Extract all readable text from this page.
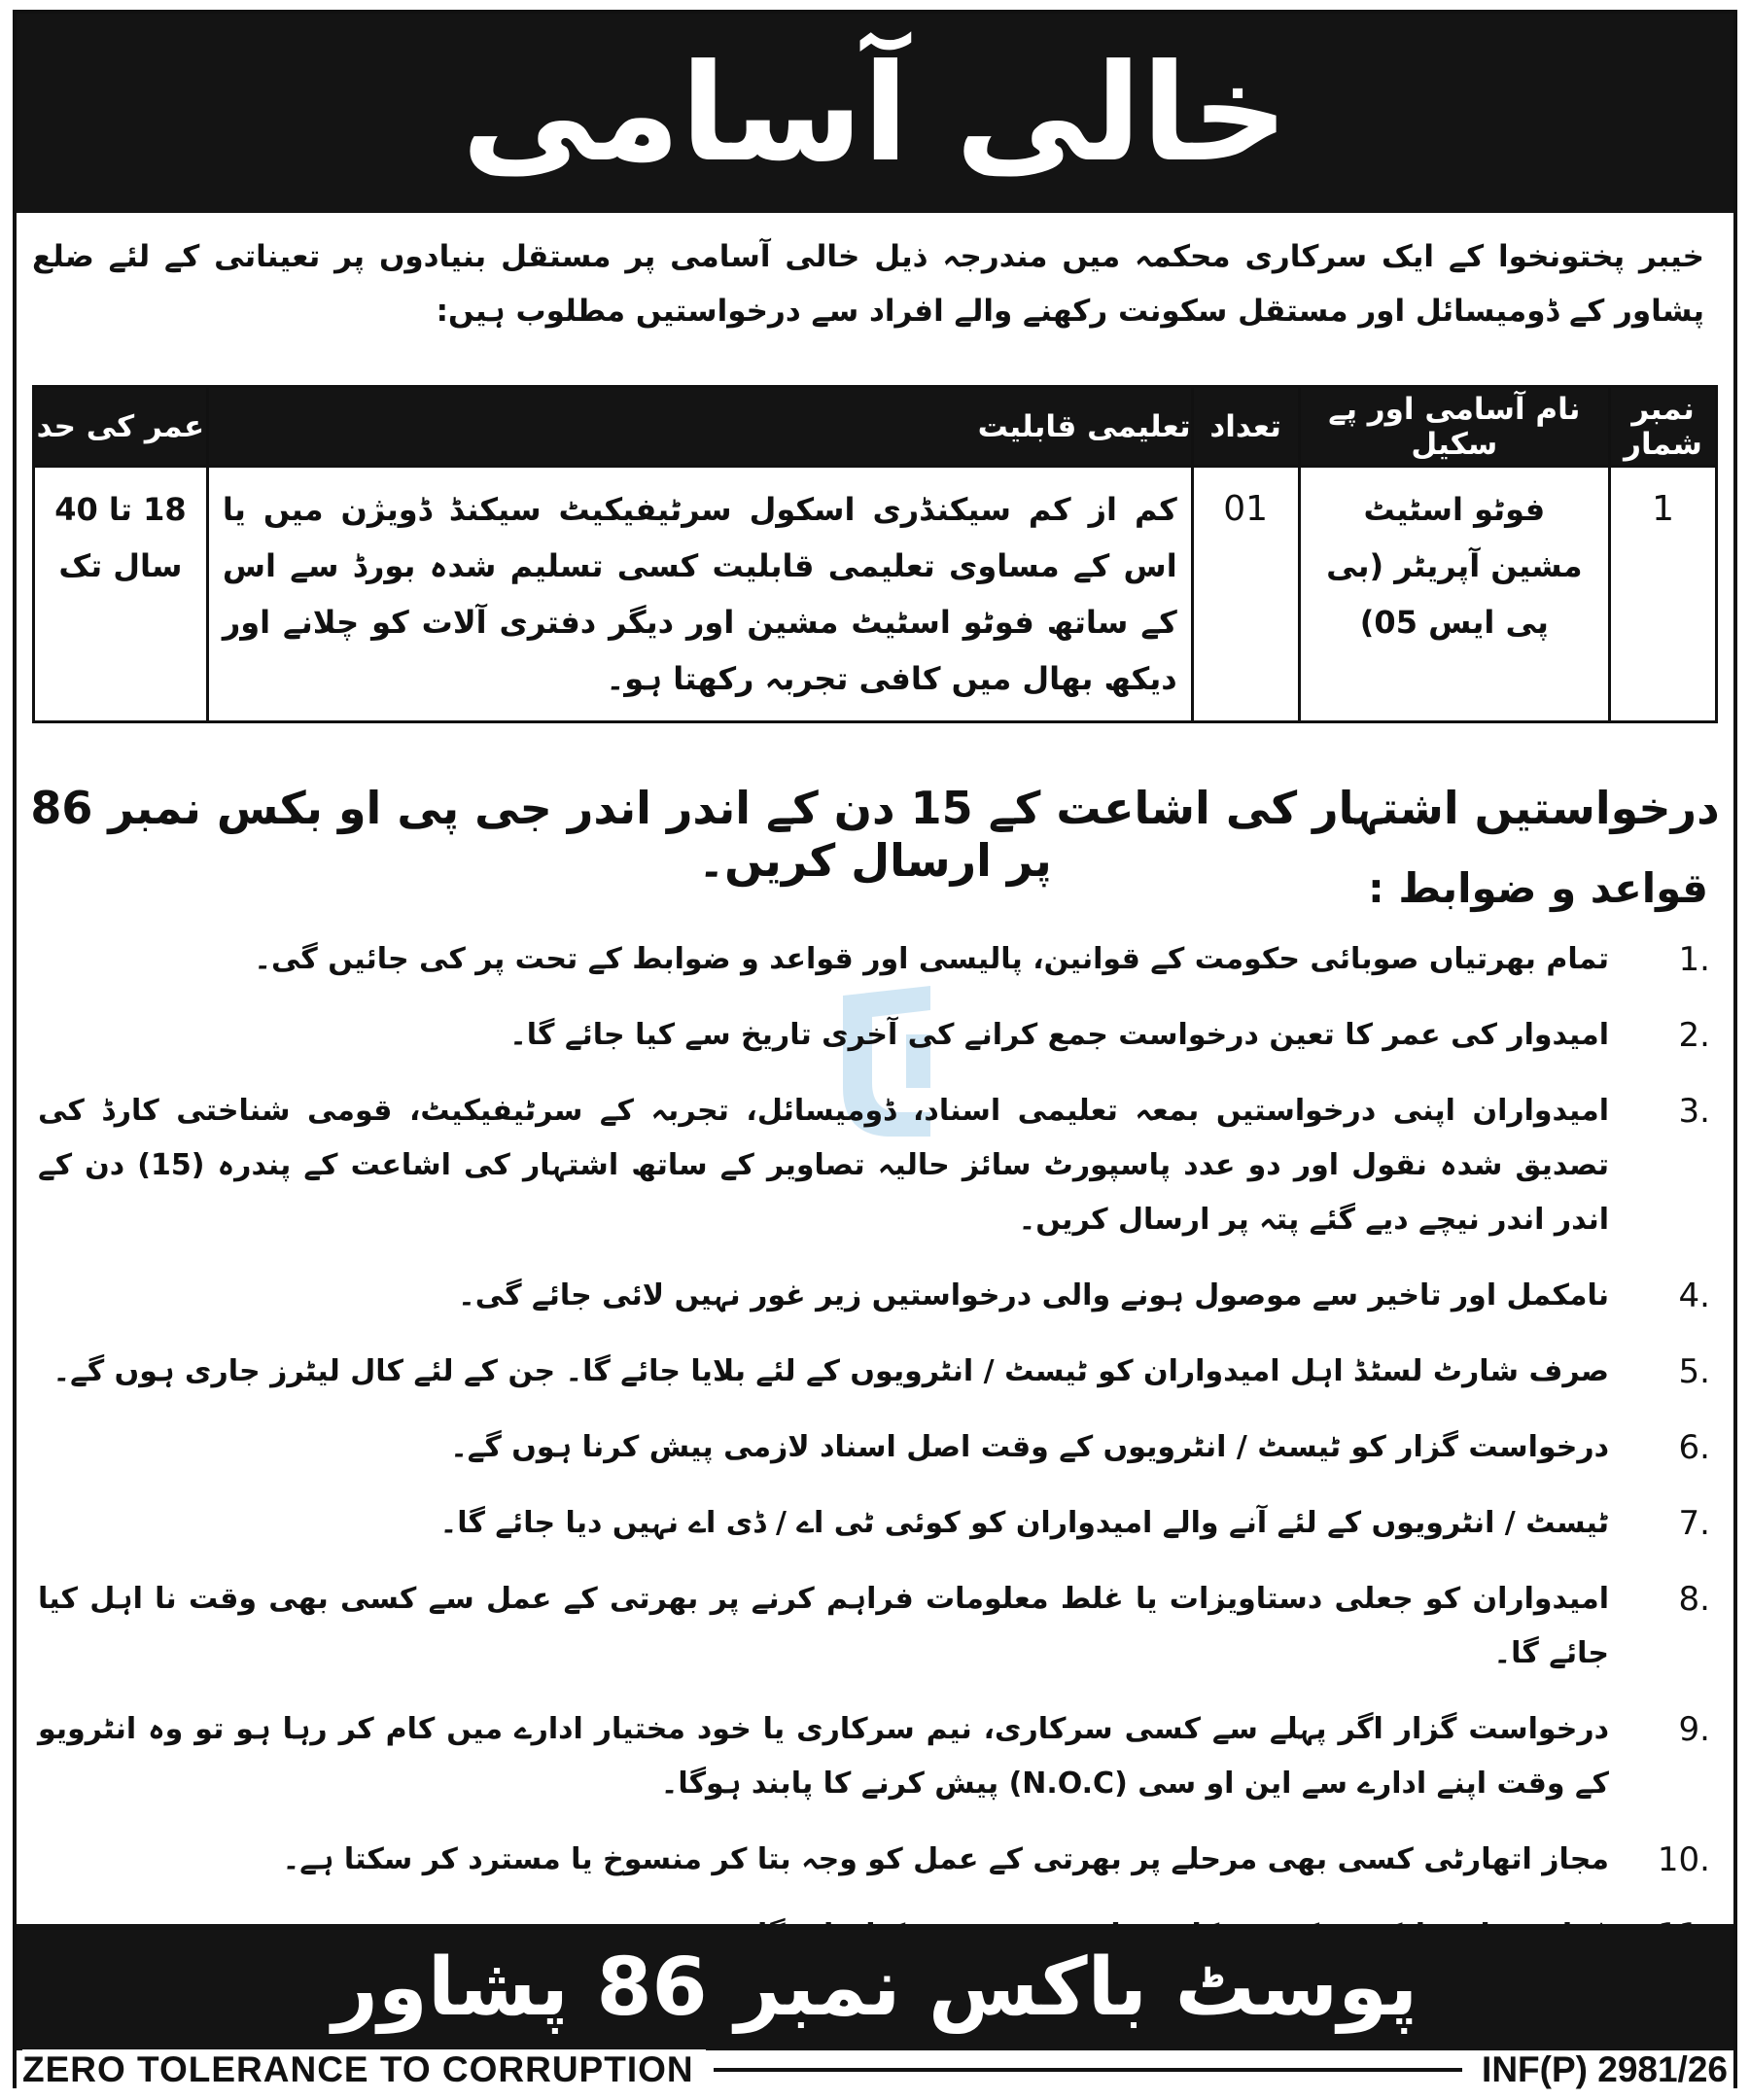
خالی آسامی
خیبر پختونخوا کے ایک سرکاری محکمہ میں مندرجہ ذیل خالی آسامی پر مستقل بنیادوں پر تعیناتی کے لئے ضلع پشاور کے ڈومیسائل اور مستقل سکونت رکھنے والے افراد سے درخواستیں مطلوب ہیں:
نمبر شمار	نام آسامی اور پے سکیل	تعداد	تعلیمی قابلیت	عمر کی حد
1	فوٹو اسٹیٹ مشین آپریٹر (بی پی ایس 05)	01	کم از کم سیکنڈری اسکول سرٹیفیکیٹ سیکنڈ ڈویژن میں یا اس کے مساوی تعلیمی قابلیت کسی تسلیم شدہ بورڈ سے اس کے ساتھ فوٹو اسٹیٹ مشین اور دیگر دفتری آلات کو چلانے اور دیکھ بھال میں کافی تجربہ رکھتا ہو۔	18 تا 40 سال تک
درخواستیں اشتہار کی اشاعت کے 15 دن کے اندر اندر جی پی او بکس نمبر 86 پر ارسال کریں۔
قواعد و ضوابط :
1.
تمام بھرتیاں صوبائی حکومت کے قوانین، پالیسی اور قواعد و ضوابط کے تحت پر کی جائیں گی۔
2.
امیدوار کی عمر کا تعین درخواست جمع کرانے کی آخری تاریخ سے کیا جائے گا۔
3.
امیدواران اپنی درخواستیں بمعہ تعلیمی اسناد، ڈومیسائل، تجربہ کے سرٹیفیکیٹ، قومی شناختی کارڈ کی تصدیق شدہ نقول اور دو عدد پاسپورٹ سائز حالیہ تصاویر کے ساتھ اشتہار کی اشاعت کے پندرہ (15) دن کے اندر اندر نیچے دیے گئے پتہ پر ارسال کریں۔
4.
نامکمل اور تاخیر سے موصول ہونے والی درخواستیں زیر غور نہیں لائی جائے گی۔
5.
صرف شارٹ لسٹڈ اہل امیدواران کو ٹیسٹ / انٹرویوں کے لئے بلایا جائے گا۔ جن کے لئے کال لیٹرز جاری ہوں گے۔
6.
درخواست گزار کو ٹیسٹ / انٹرویوں کے وقت اصل اسناد لازمی پیش کرنا ہوں گے۔
7.
ٹیسٹ / انٹرویوں کے لئے آنے والے امیدواران کو کوئی ٹی اے / ڈی اے نہیں دیا جائے گا۔
8.
امیدواران کو جعلی دستاویزات یا غلط معلومات فراہم کرنے پر بھرتی کے عمل سے کسی بھی وقت نا اہل کیا جائے گا۔
9.
درخواست گزار اگر پہلے سے کسی سرکاری، نیم سرکاری یا خود مختیار ادارے میں کام کر رہا ہو تو وہ انٹرویو کے وقت اپنے ادارے سے این او سی (N.O.C) پیش کرنے کا پابند ہوگا۔
10.
مجاز اتھارٹی کسی بھی مرحلے پر بھرتی کے عمل کو وجہ بتا کر منسوخ یا مسترد کر سکتا ہے۔
پوسٹ باکس نمبر 86 پشاور
ZERO TOLERANCE TO CORRUPTION	INF(P) 2981/26
